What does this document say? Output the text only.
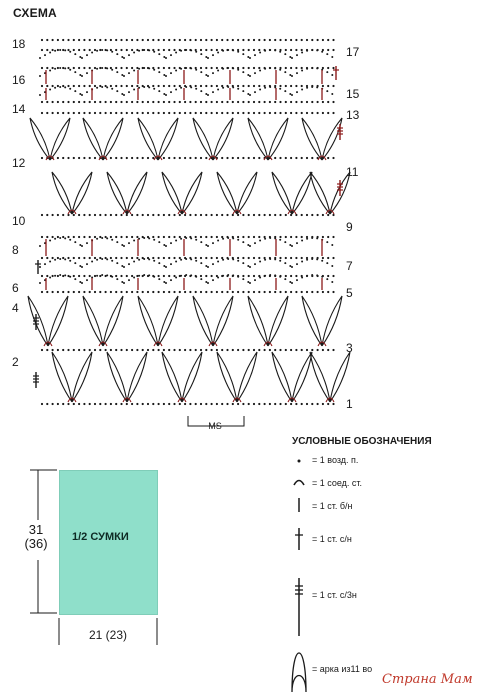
СХЕМА
18
16
14
12
10
8
6
4
2
17
15
13
11
9
7
5
3
1
MS
УСЛОВНЫЕ ОБОЗНАЧЕНИЯ
= 1 возд. п.
= 1 соед. ст.
= 1 ст. б/н
= 1 ст. с/н
= 1 ст. с/3н
= арка из11 во
1/2 СУМКИ
31
(36)
21 (23)
Страна Мам
